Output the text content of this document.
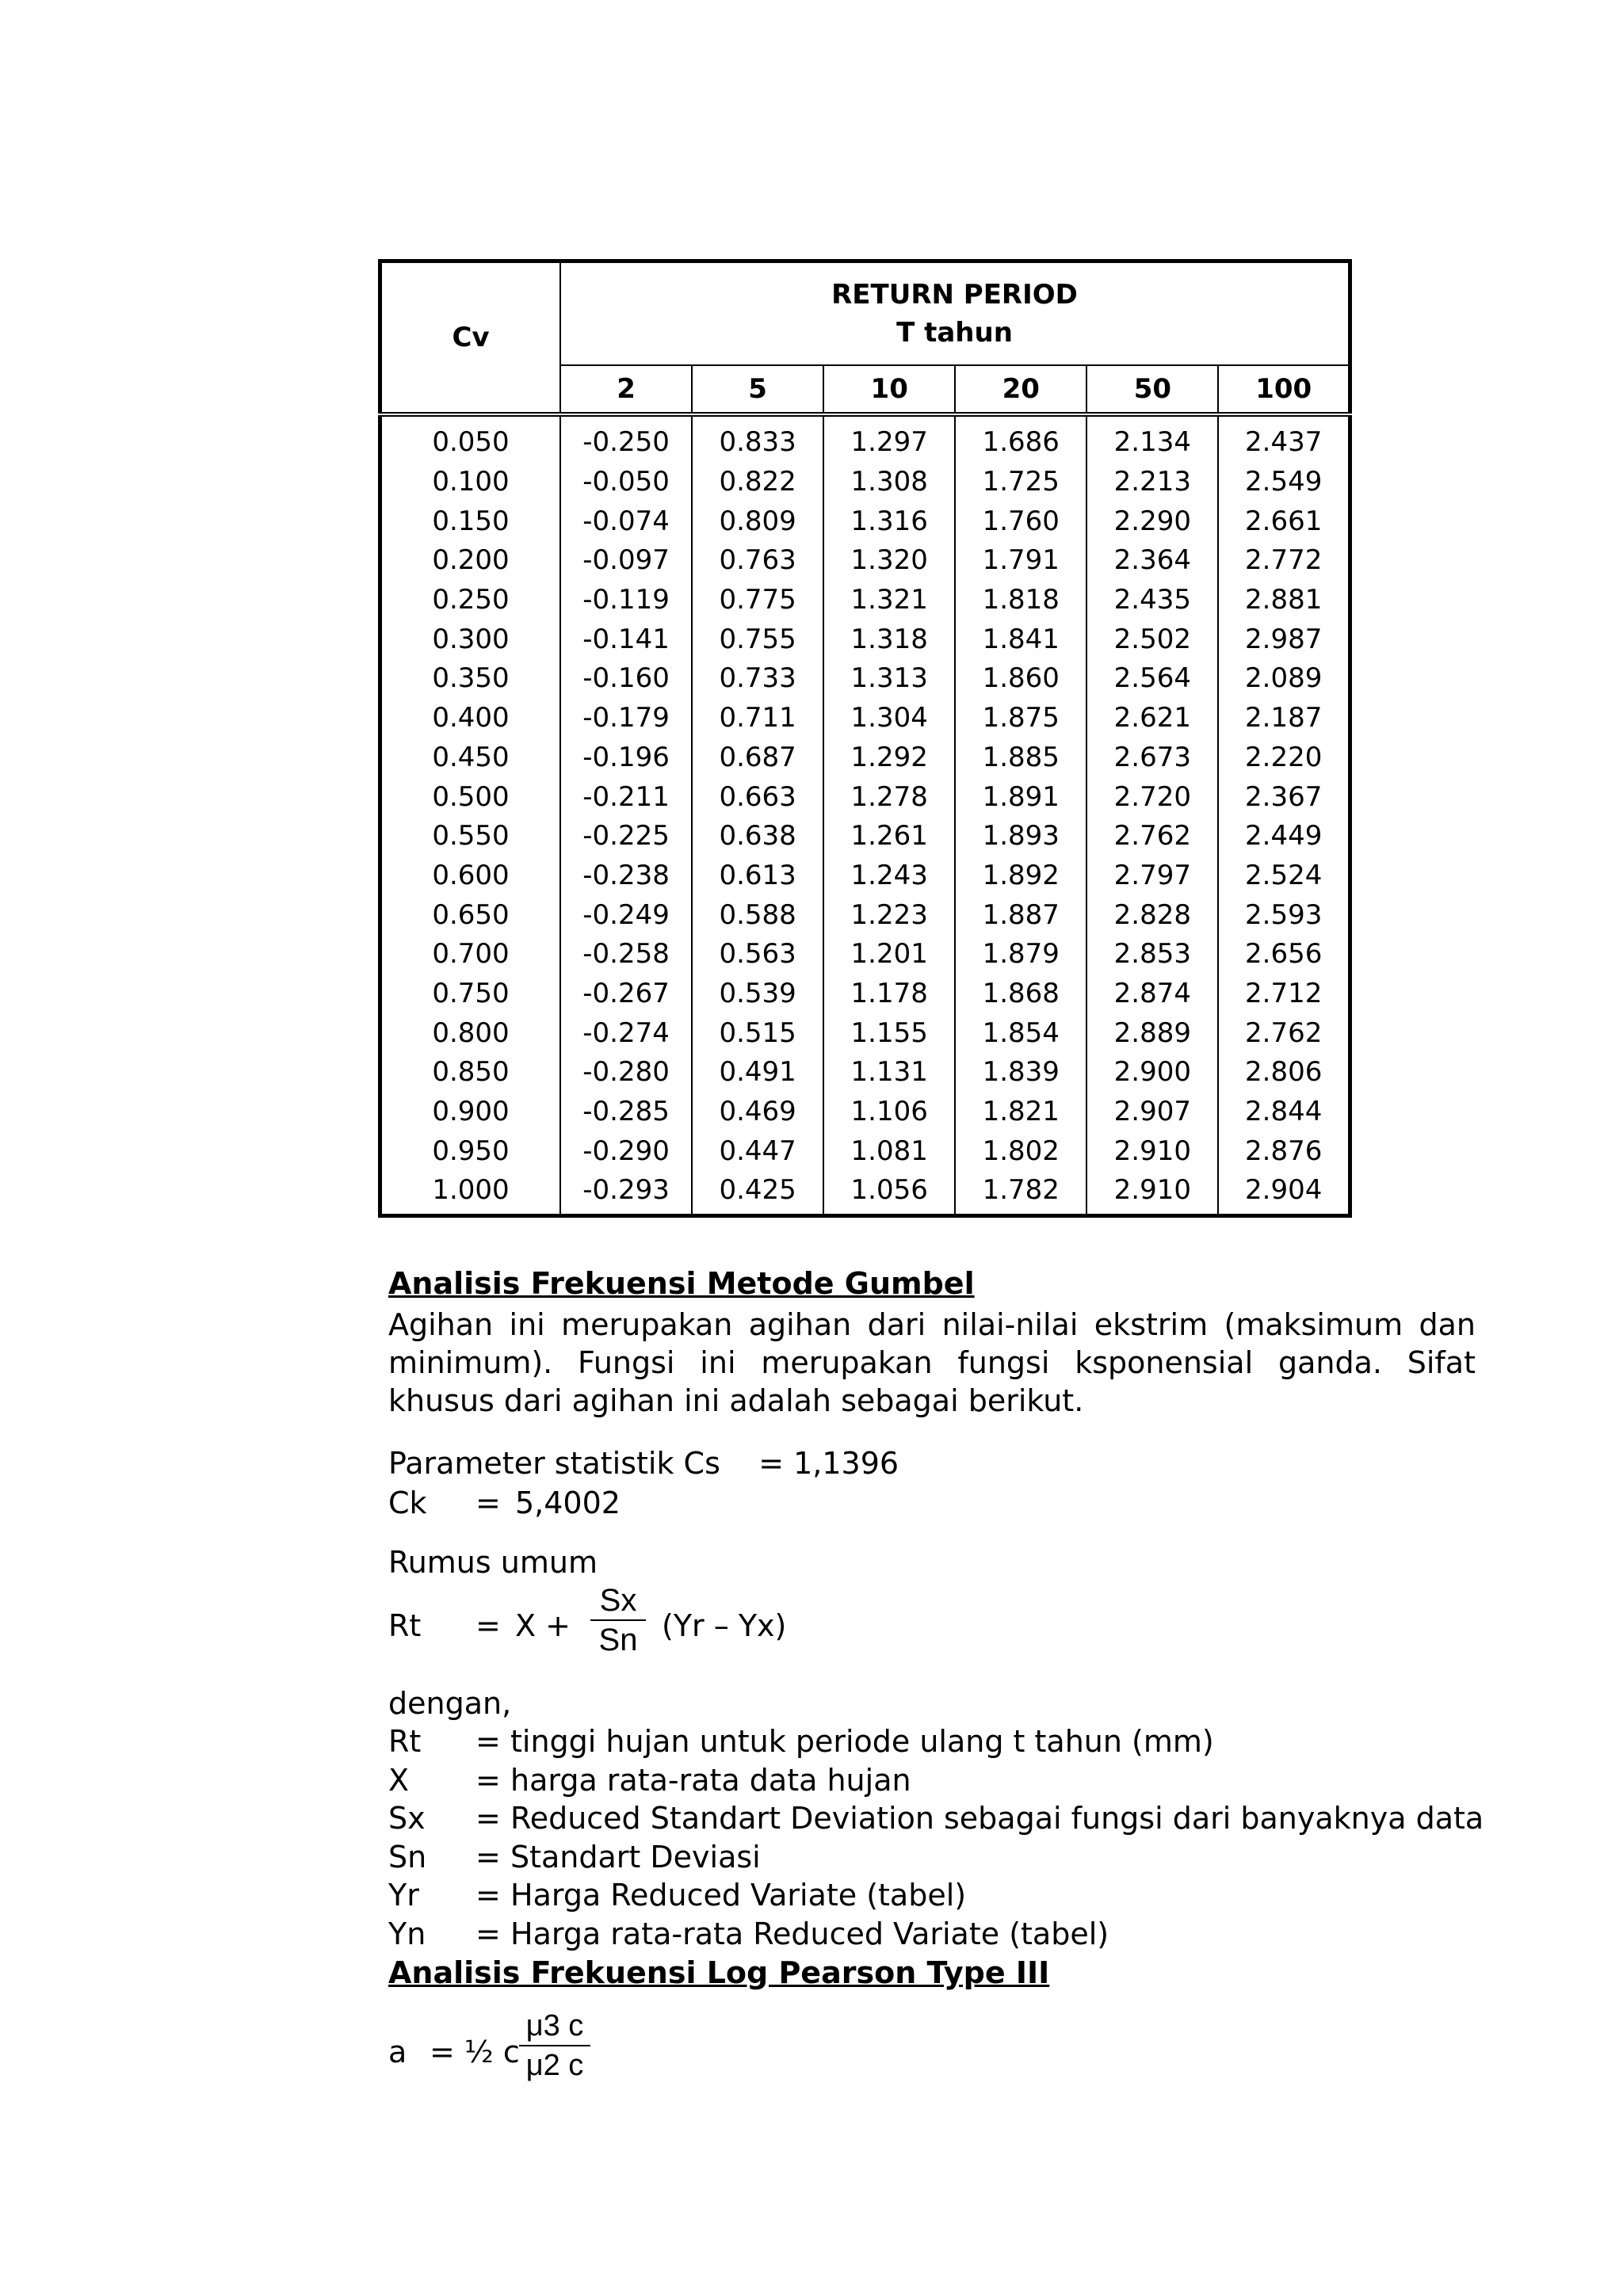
Cv	RETURN PERIOD
T tahun					
	2	5	10	20	50	100
0.050	-0.250	0.833	1.297	1.686	2.134	2.437
0.100	-0.050	0.822	1.308	1.725	2.213	2.549
0.150	-0.074	0.809	1.316	1.760	2.290	2.661
0.200	-0.097	0.763	1.320	1.791	2.364	2.772
0.250	-0.119	0.775	1.321	1.818	2.435	2.881
0.300	-0.141	0.755	1.318	1.841	2.502	2.987
0.350	-0.160	0.733	1.313	1.860	2.564	2.089
0.400	-0.179	0.711	1.304	1.875	2.621	2.187
0.450	-0.196	0.687	1.292	1.885	2.673	2.220
0.500	-0.211	0.663	1.278	1.891	2.720	2.367
0.550	-0.225	0.638	1.261	1.893	2.762	2.449
0.600	-0.238	0.613	1.243	1.892	2.797	2.524
0.650	-0.249	0.588	1.223	1.887	2.828	2.593
0.700	-0.258	0.563	1.201	1.879	2.853	2.656
0.750	-0.267	0.539	1.178	1.868	2.874	2.712
0.800	-0.274	0.515	1.155	1.854	2.889	2.762
0.850	-0.280	0.491	1.131	1.839	2.900	2.806
0.900	-0.285	0.469	1.106	1.821	2.907	2.844
0.950	-0.290	0.447	1.081	1.802	2.910	2.876
1.000	-0.293	0.425	1.056	1.782	2.910	2.904
Analisis Frekuensi Metode Gumbel
Agihan ini merupakan agihan dari nilai-nilai ekstrim (maksimum dan minimum). Fungsi ini merupakan fungsi ksponensial ganda. Sifat khusus dari agihan ini adalah sebagai berikut.
Parameter statistik Cs    = 1,1396
Ck = 5,4002
Rumus umum
Rt = X +
Sx
Sn (Yr – Yx)
dengan,
Rt = tinggi hujan untuk periode ulang t tahun (mm)
X = harga rata-rata data hujan
Sx = Reduced Standart Deviation sebagai fungsi dari banyaknya data
Sn = Standart Deviasi
Yr = Harga Reduced Variate (tabel)
Yn = Harga rata-rata Reduced Variate (tabel)
Analisis Frekuensi Log Pearson Type III
a = ½ c
μ3 c
μ2 c
